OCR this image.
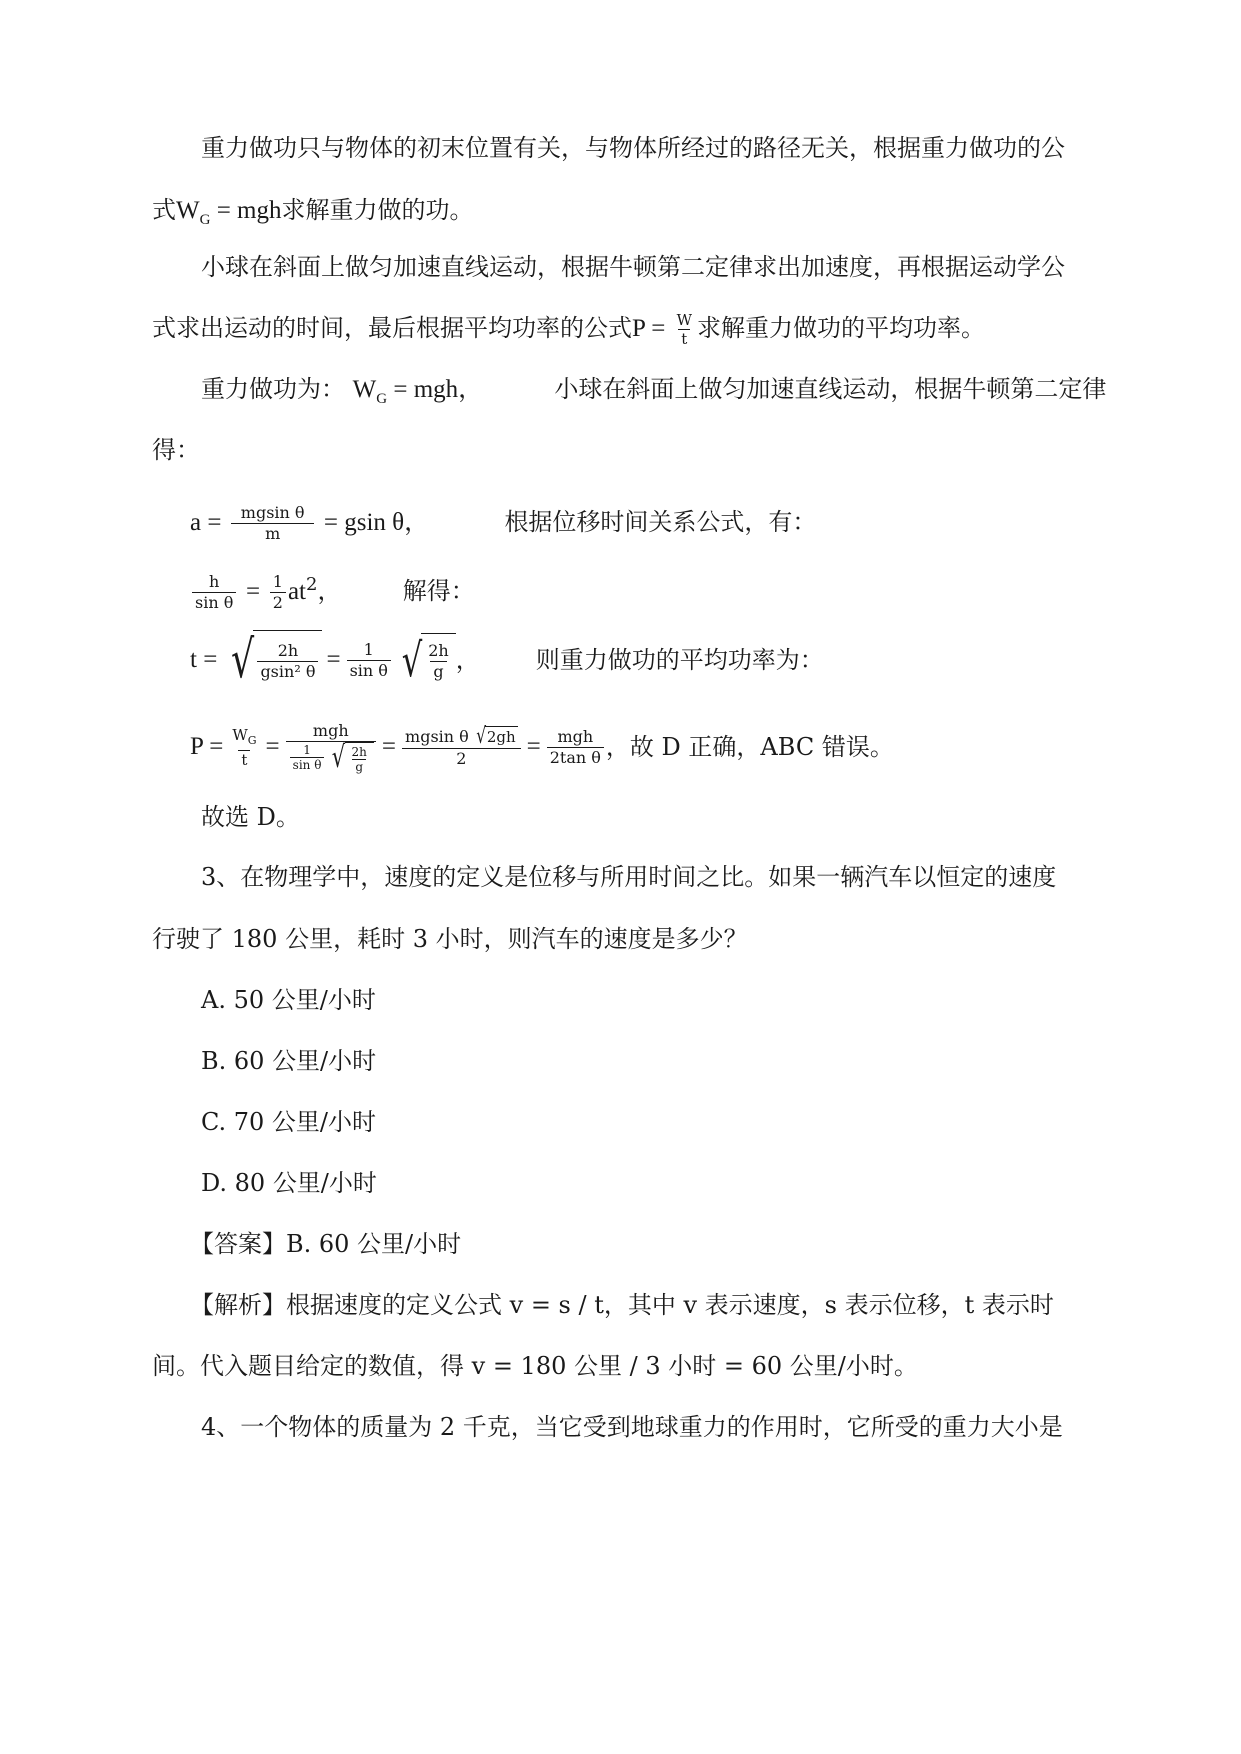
重力做功只与物体的初末位置有关，与物体所经过的路径无关，根据重力做功的公
式$W_G$ = mgh求解重力做的功。
小球在斜面上做匀加速直线运动，根据牛顿第二定律求出加速度，再根据运动学公
式求出运动的时间，最后根据平均功率的公式$P = \frac{W}{t}$ 求解重力做功的平均功率。
重力做功为： $W_G$ = mgh，	小球在斜面上做匀加速直线运动，根据牛顿第二定律
得：
$a = \frac{\text{mgsin θ}}{m} = gsin$ θ，	根据位移时间关系公式，有：
$\frac{h}{\text{sin θ}} = \frac{1}{2} at^2$，	解得：
t = √ $\frac{2h}{\text{gsin² θ}} = \frac{1}{\text{sin θ}}$ √ $\frac{2h}{g}$ ， 则重力做功的平均功率为：
$P = \frac{W_G}{t} = \frac{\text{mgh}}{\frac{1}{\text{sin θ}} √ \frac{2h}{g}} = \frac{\text{mgsin θ √ 2gh}}{2} = \frac{\text{mgh}}{\text{2tan θ}}$ ，故 D 正确，ABC 错误。
故选 D。
3、在物理学中，速度的定义是位移与所用时间之比。如果一辆汽车以恒定的速度
行驶了 180 公里，耗时 3 小时，则汽车的速度是多少？
A. 50 公里/小时
B. 60 公里/小时
C. 70 公里/小时
D. 80 公里/小时
【答案】B. 60 公里/小时
【解析】根据速度的定义公式 v = s / t，其中 v 表示速度，s 表示位移，t 表示时
间。代入题目给定的数值，得 v = 180 公里 / 3 小时 = 60 公里/小时。
4、一个物体的质量为 2 千克，当它受到地球重力的作用时，它所受的重力大小是
